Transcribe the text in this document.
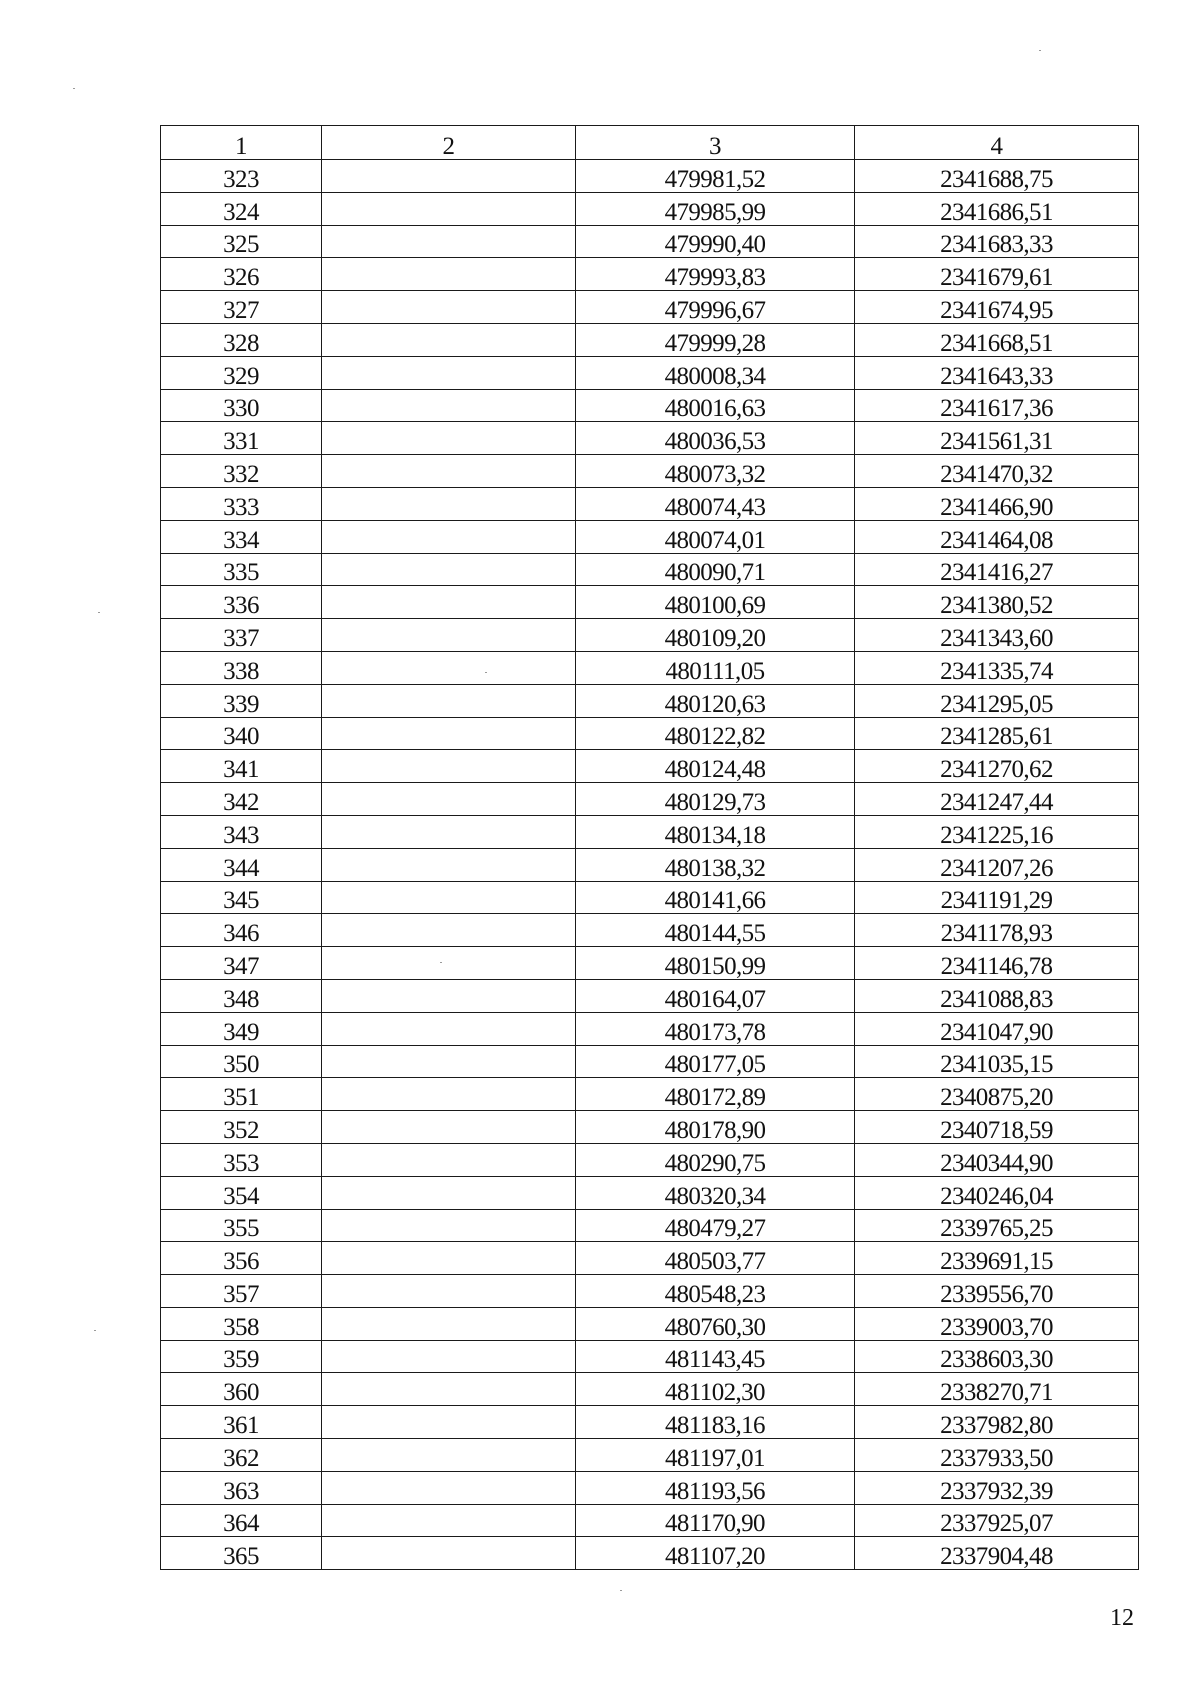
1	2	3	4
323		479981,52	2341688,75
324		479985,99	2341686,51
325		479990,40	2341683,33
326		479993,83	2341679,61
327		479996,67	2341674,95
328		479999,28	2341668,51
329		480008,34	2341643,33
330		480016,63	2341617,36
331		480036,53	2341561,31
332		480073,32	2341470,32
333		480074,43	2341466,90
334		480074,01	2341464,08
335		480090,71	2341416,27
336		480100,69	2341380,52
337		480109,20	2341343,60
338		480111,05	2341335,74
339		480120,63	2341295,05
340		480122,82	2341285,61
341		480124,48	2341270,62
342		480129,73	2341247,44
343		480134,18	2341225,16
344		480138,32	2341207,26
345		480141,66	2341191,29
346		480144,55	2341178,93
347		480150,99	2341146,78
348		480164,07	2341088,83
349		480173,78	2341047,90
350		480177,05	2341035,15
351		480172,89	2340875,20
352		480178,90	2340718,59
353		480290,75	2340344,90
354		480320,34	2340246,04
355		480479,27	2339765,25
356		480503,77	2339691,15
357		480548,23	2339556,70
358		480760,30	2339003,70
359		481143,45	2338603,30
360		481102,30	2338270,71
361		481183,16	2337982,80
362		481197,01	2337933,50
363		481193,56	2337932,39
364		481170,90	2337925,07
365		481107,20	2337904,48
12
